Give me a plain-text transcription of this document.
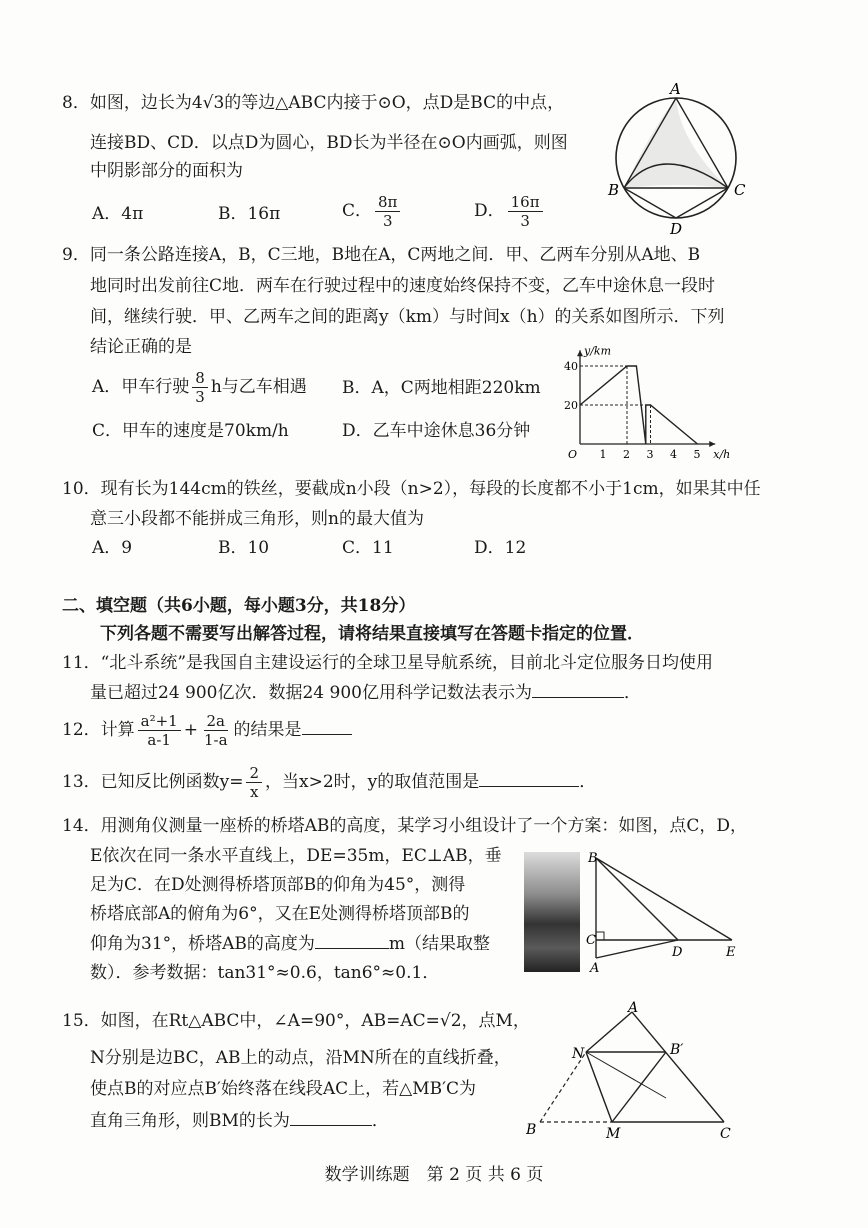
8．如图，边长为4√3的等边△ABC内接于⊙O，点D是BC的中点，
连接BD、CD．以点D为圆心，BD长为半径在⊙O内画弧，则图
中阴影部分的面积为
A．4π	B．16π	C． $\frac{8\pi}{3}$	D． $\frac{16\pi}{3}$
A
B	C
D
9．同一条公路连接A，B，C三地，B地在A，C两地之间．甲、乙两车分别从A地、B
地同时出发前往C地．两车在行驶过程中的速度始终保持不变，乙车中途休息一段时
间，继续行驶．甲、乙两车之间的距离y（km）与时间x（h）的关系如图所示．下列
结论正确的是
A．甲车行驶 $\frac{8}{3}$ h与乙车相遇 B．A，C两地相距220km
C．甲车的速度是70km/h	D．乙车中途休息36分钟
1 2 3 4 5
20
40
O	x/h
y/km
10．现有长为144cm的铁丝，要截成n小段（n>2），每段的长度都不小于1cm，如果其中任
意三小段都不能拼成三角形，则n的最大值为
A．9	B．10	C．11	D．12
二、填空题（共6小题，每小题3分，共18分）
下列各题不需要写出解答过程，请将结果直接填写在答题卡指定的位置．
11．“北斗系统”是我国自主建设运行的全球卫星导航系统，目前北斗定位服务日均使用
量已超过24 900亿次．数据24 900亿用科学记数法表示为	．
12．计算 $\frac{\text{a²+1}}{a-1} + \frac{2a}{1-a}$ 的结果是
13．已知反比例函数$y= \frac{2}{x}$ ，当x>2时，y的取值范围是	．
14．用测角仪测量一座桥的桥塔AB的高度，某学习小组设计了一个方案：如图，点C，D，
E依次在同一条水平直线上，DE=35m，EC⊥AB，垂
足为C．在D处测得桥塔顶部B的仰角为45°，测得
桥塔底部A的俯角为6°，又在E处测得桥塔顶部B的
仰角为31°，桥塔AB的高度为	m（结果取整
数）．参考数据：tan31°≈0.6，tan6°≈0.1．
B
C
A
D	E
15．如图，在Rt△ABC中，∠A=90°，AB=AC=√2，点M，
N分别是边BC，AB上的动点，沿MN所在的直线折叠，
使点B的对应点B′始终落在线段AC上，若△MB′C为
直角三角形，则BM的长为	．
A
N	B′
B	M	C
数学训练题　第 2 页 共 6 页
